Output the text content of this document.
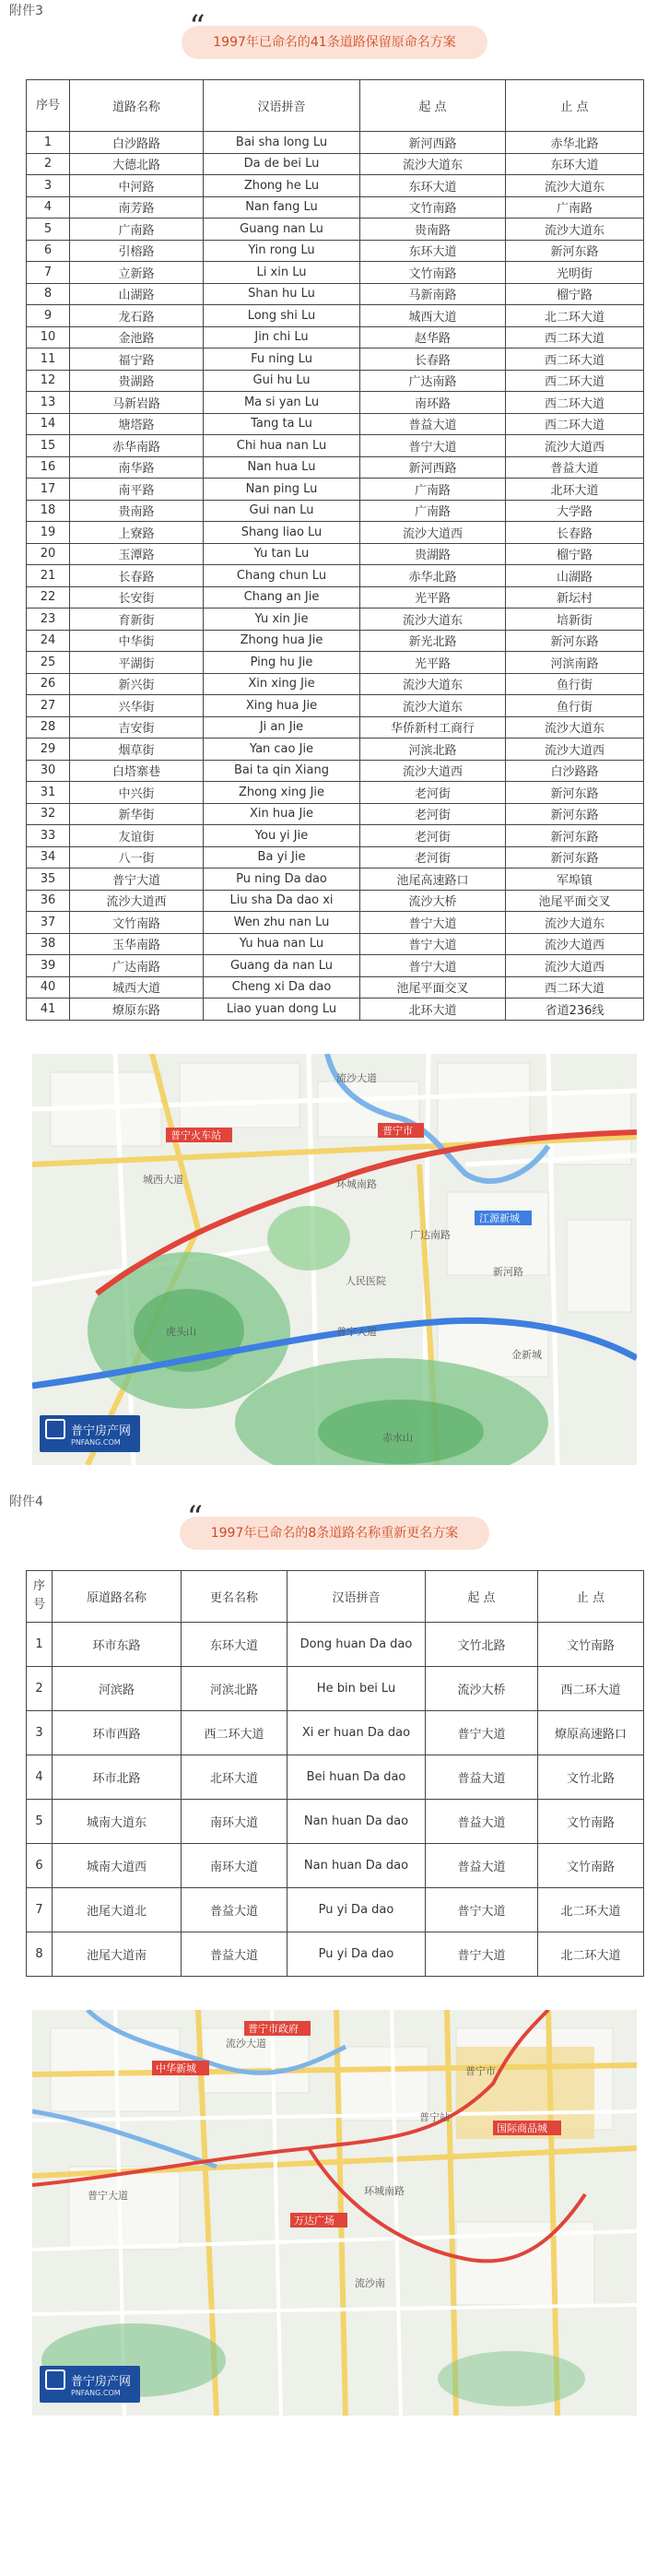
附件3	“ 1997年已命名的41条道路保留原命名方案
序号	道路名称	汉语拼音	起 点	止 点
1	白沙路路	Bai sha long Lu	新河西路	赤华北路
2	大德北路	Da de bei Lu	流沙大道东	东环大道
3	中河路	Zhong he Lu	东环大道	流沙大道东
4	南芳路	Nan fang Lu	文竹南路	广南路
5	广南路	Guang nan Lu	贵南路	流沙大道东
6	引榕路	Yin rong Lu	东环大道	新河东路
7	立新路	Li xin Lu	文竹南路	光明街
8	山湖路	Shan hu Lu	马新南路	榴宁路
9	龙石路	Long shi Lu	城西大道	北二环大道
10	金池路	Jin chi Lu	赵华路	西二环大道
11	福宁路	Fu ning Lu	长春路	西二环大道
12	贵湖路	Gui hu Lu	广达南路	西二环大道
13	马新岩路	Ma si yan Lu	南环路	西二环大道
14	塘塔路	Tang ta Lu	普益大道	西二环大道
15	赤华南路	Chi hua nan Lu	普宁大道	流沙大道西
16	南华路	Nan hua Lu	新河西路	普益大道
17	南平路	Nan ping Lu	广南路	北环大道
18	贵南路	Gui nan Lu	广南路	大学路
19	上寮路	Shang liao Lu	流沙大道西	长春路
20	玉潭路	Yu tan Lu	贵湖路	榴宁路
21	长春路	Chang chun Lu	赤华北路	山湖路
22	长安街	Chang an Jie	光平路	新坛村
23	育新街	Yu xin Jie	流沙大道东	培新街
24	中华街	Zhong hua Jie	新光北路	新河东路
25	平湖街	Ping hu Jie	光平路	河滨南路
26	新兴街	Xin xing Jie	流沙大道东	鱼行街
27	兴华街	Xing hua Jie	流沙大道东	鱼行街
28	吉安街	Ji an Jie	华侨新村工商行	流沙大道东
29	烟草街	Yan cao Jie	河滨北路	流沙大道西
30	白塔寨巷	Bai ta qin Xiang	流沙大道西	白沙路路
31	中兴街	Zhong xing Jie	老河街	新河东路
32	新华街	Xin hua Jie	老河街	新河东路
33	友谊街	You yi Jie	老河街	新河东路
34	八一街	Ba yi Jie	老河街	新河东路
35	普宁大道	Pu ning Da dao	池尾高速路口	军埠镇
36	流沙大道西	Liu sha Da dao xi	流沙大桥	池尾平面交叉
37	文竹南路	Wen zhu nan Lu	普宁大道	流沙大道东
38	玉华南路	Yu hua nan Lu	普宁大道	流沙大道西
39	广达南路	Guang da nan Lu	普宁大道	流沙大道西
40	城西大道	Cheng xi Da dao	池尾平面交叉	西二环大道
41	燎原东路	Liao yuan dong Lu	北环大道	省道236线
流沙大道
环城南路
普宁大道
虎头山
赤水山
城西大道
广达南路
普宁火车站	普宁市
江源新城
新河路
金新城
人民医院
普宁房产网
PNFANG.COM
附件4	“ 1997年已命名的8条道路名称重新更名方案
序号	原道路名称	更名名称	汉语拼音	起 点	止 点
1	环市东路	东环大道	Dong huan Da dao	文竹北路	文竹南路
2	河滨路	河滨北路	He bin bei Lu	流沙大桥	西二环大道
3	环市西路	西二环大道	Xi er huan Da dao	普宁大道	燎原高速路口
4	环市北路	北环大道	Bei huan Da dao	普益大道	文竹北路
5	城南大道东	南环大道	Nan huan Da dao	普益大道	文竹南路
6	城南大道西	南环大道	Nan huan Da dao	普益大道	文竹南路
7	池尾大道北	普益大道	Pu yi Da dao	普宁大道	北二环大道
8	池尾大道南	普益大道	Pu yi Da dao	普宁大道	北二环大道
流沙大道
环城南路
普宁大道
普宁市政府
中华新城
万达广场
普宁市
流沙南
普宁站
国际商品城
普宁房产网
PNFANG.COM
